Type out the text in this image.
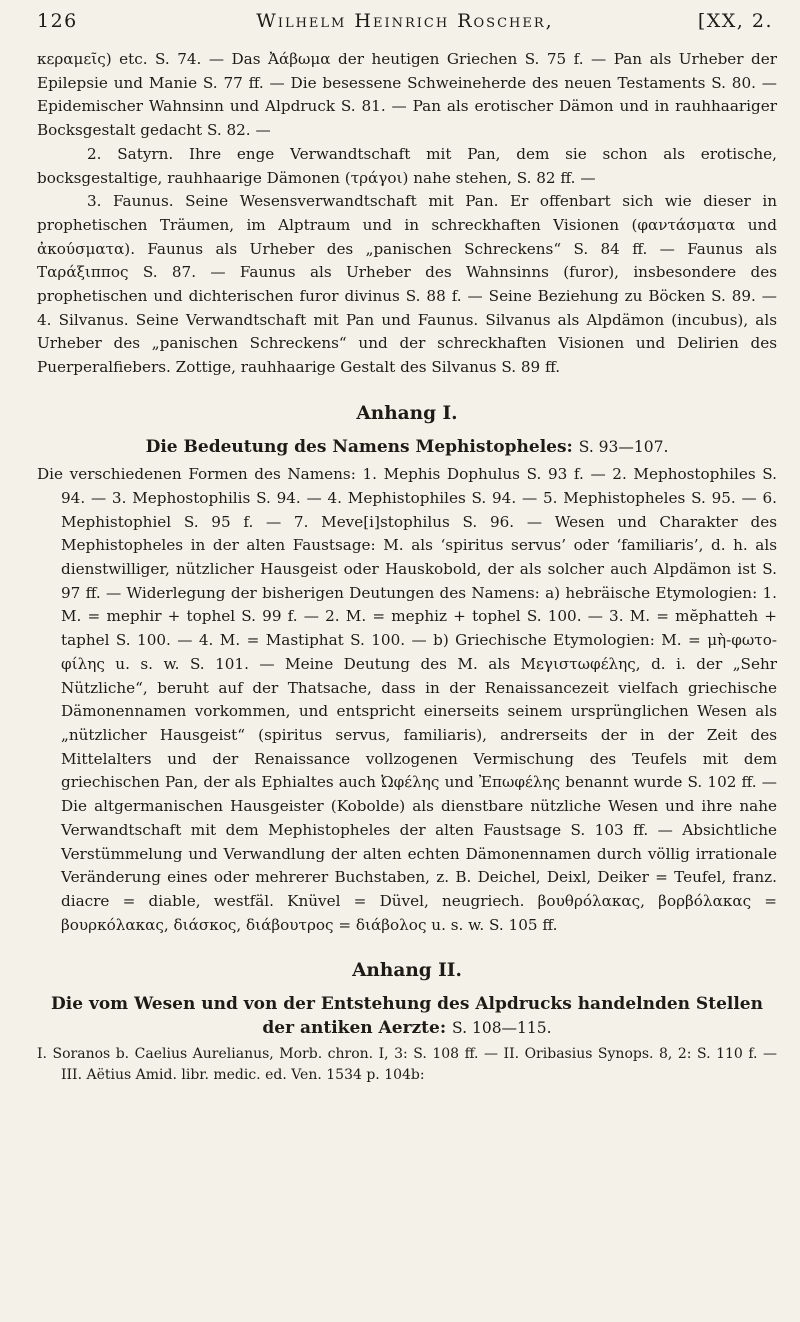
126	Wilhelm Heinrich Roscher,	[XX, 2.

κεραμεῖς) etc. S. 74. — Das Ἀάβωμα der heutigen Griechen S. 75 f. — Pan als Urheber der Epilepsie und Manie S. 77 ff. — Die besessene Schweineherde des neuen Testaments S. 80. — Epidemischer Wahnsinn und Alpdruck S. 81. — Pan als erotischer Dämon und in rauhhaariger Bocksgestalt gedacht S. 82. —

2. Satyrn. Ihre enge Verwandtschaft mit Pan, dem sie schon als erotische, bocksgestaltige, rauhhaarige Dämonen (τράγοι) nahe stehen, S. 82 ff. —

3. Faunus. Seine Wesensverwandtschaft mit Pan. Er offenbart sich wie dieser in prophetischen Träumen, im Alptraum und in schreckhaften Visionen (φαντάσματα und ἀκούσματα). Faunus als Urheber des „panischen Schreckens“ S. 84 ff. — Faunus als Ταράξιππος S. 87. — Faunus als Urheber des Wahnsinns (furor), insbesondere des prophetischen und dichterischen furor divinus S. 88 f. — Seine Beziehung zu Böcken S. 89. — 4. Silvanus. Seine Verwandtschaft mit Pan und Faunus. Silvanus als Alpdämon (incubus), als Urheber des „panischen Schreckens“ und der schreckhaften Visionen und Delirien des Puerperalfiebers. Zottige, rauhhaarige Gestalt des Silvanus S. 89 ff.

Anhang I.
Die Bedeutung des Namens Mephistopheles: S. 93—107.

Die verschiedenen Formen des Namens: 1. Mephis Dophulus S. 93 f. — 2. Mephostophiles S. 94. — 3. Mephostophilis S. 94. — 4. Mephistophiles S. 94. — 5. Mephistopheles S. 95. — 6. Mephistophiel S. 95 f. — 7. Meve[i]stophilus S. 96. — Wesen und Charakter des Mephistopheles in der alten Faustsage: M. als ‘spiritus servus’ oder ‘familiaris’, d. h. als dienstwilliger, nützlicher Hausgeist oder Hauskobold, der als solcher auch Alpdämon ist S. 97 ff. — Widerlegung der bisherigen Deutungen des Namens: a) hebräische Etymologien: 1. M. = mephir + tophel S. 99 f. — 2. M. = mephiz + tophel S. 100. — 3. M. = mĕphatteh + taphel S. 100. — 4. M. = Mastiphat S. 100. — b) Griechische Etymologien: M. = μὴ-φωτο-φίλης u. s. w. S. 101. — Meine Deutung des M. als Μεγιστωφέλης, d. i. der „Sehr Nützliche“, beruht auf der Thatsache, dass in der Renaissancezeit vielfach griechische Dämonennamen vorkommen, und entspricht einerseits seinem ursprünglichen Wesen als „nützlicher Hausgeist“ (spiritus servus, familiaris), andrerseits der in der Zeit des Mittelalters und der Renaissance vollzogenen Vermischung des Teufels mit dem griechischen Pan, der als Ephialtes auch Ὠφέλης und Ἐπωφέλης benannt wurde S. 102 ff. — Die altgermanischen Hausgeister (Kobolde) als dienstbare nützliche Wesen und ihre nahe Verwandtschaft mit dem Mephistopheles der alten Faustsage S. 103 ff. — Absichtliche Verstümmelung und Verwandlung der alten echten Dämonennamen durch völlig irrationale Veränderung eines oder mehrerer Buchstaben, z. B. Deichel, Deixl, Deiker = Teufel, franz. diacre = diable, westfäl. Knüvel = Düvel, neugriech. βουθρόλακας, βορβόλακας = βουρκόλακας, διάσκος, διάβουτρος = διάβολος u. s. w. S. 105 ff.

Anhang II.
Die vom Wesen und von der Entstehung des Alpdrucks handelnden Stellen
der antiken Aerzte: S. 108—115.

I. Soranos b. Caelius Aurelianus, Morb. chron. I, 3: S. 108 ff. — II. Oribasius Synops. 8, 2: S. 110 f. — III. Aëtius Amid. libr. medic. ed. Ven. 1534 p. 104b:
